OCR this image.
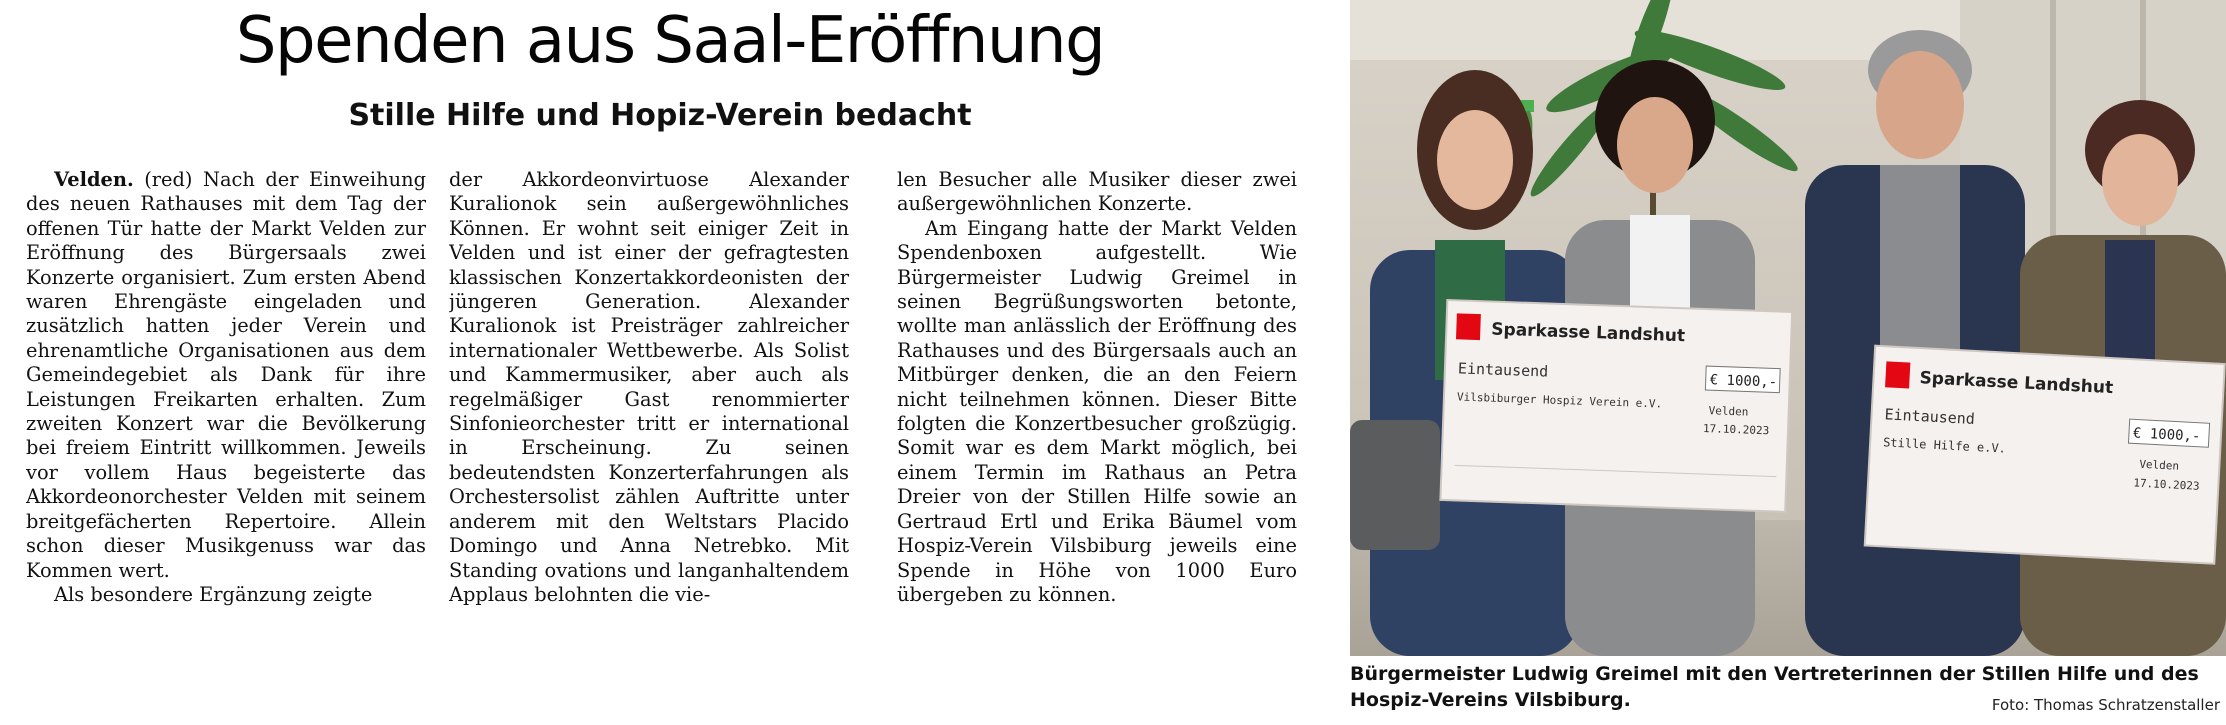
Spenden aus Saal-Eröffnung
Stille Hilfe und Hopiz-Verein bedacht

Velden. (red) Nach der Einweihung des neuen Rathauses mit dem Tag der offenen Tür hatte der Markt Velden zur Eröffnung des Bürgersaals zwei Konzerte organisiert. Zum ersten Abend waren Ehrengäste eingeladen und zusätzlich hatten jeder Verein und ehrenamtliche Organisationen aus dem Gemeindegebiet als Dank für ihre Leistungen Freikarten erhalten. Zum zweiten Konzert war die Bevölkerung bei freiem Eintritt willkommen. Jeweils vor vollem Haus begeisterte das Akkordeonorchester Velden mit seinem breitgefächerten Repertoire. Allein schon dieser Musikgenuss war das Kommen wert.

Als besondere Ergänzung zeigte

der Akkordeonvirtuose Alexander Kuralionok sein außergewöhnliches Können. Er wohnt seit einiger Zeit in Velden und ist einer der gefragtesten klassischen Konzertakkordeonisten der jüngeren Generation. Alexander Kuralionok ist Preisträger zahlreicher internationaler Wettbewerbe. Als Solist und Kammermusiker, aber auch als regelmäßiger Gast renommierter Sinfonieorchester tritt er international in Erscheinung. Zu seinen bedeutendsten Konzerterfahrungen als Orchestersolist zählen Auftritte unter anderem mit den Weltstars Placido Domingo und Anna Netrebko. Mit Standing ovations und langanhaltendem Applaus belohnten die vie-

len Besucher alle Musiker dieser zwei außergewöhnlichen Konzerte.

Am Eingang hatte der Markt Velden Spendenboxen aufgestellt. Wie Bürgermeister Ludwig Greimel in seinen Begrüßungsworten betonte, wollte man anlässlich der Eröffnung des Rathauses und des Bürgersaals auch an Mitbürger denken, die an den Feiern nicht teilnehmen können. Dieser Bitte folgten die Konzertbesucher großzügig. Somit war es dem Markt möglich, bei einem Termin im Rathaus an Petra Dreier von der Stillen Hilfe sowie an Gertraud Ertl und Erika Bäumel vom Hospiz-Verein Vilsbiburg jeweils eine Spende in Höhe von 1000 Euro übergeben zu können.

Sparkasse Landshut
Eintausend
€ 1000,-
Vilsbiburger Hospiz Verein e.V.
Velden
17.10.2023
Sparkasse Landshut
Eintausend
€ 1000,-
Stille Hilfe e.V.
Velden
17.10.2023
Bürgermeister Ludwig Greimel mit den Vertreterinnen der Stillen Hilfe und des Hospiz-Vereins Vilsbiburg.	Foto: Thomas Schratzenstaller
